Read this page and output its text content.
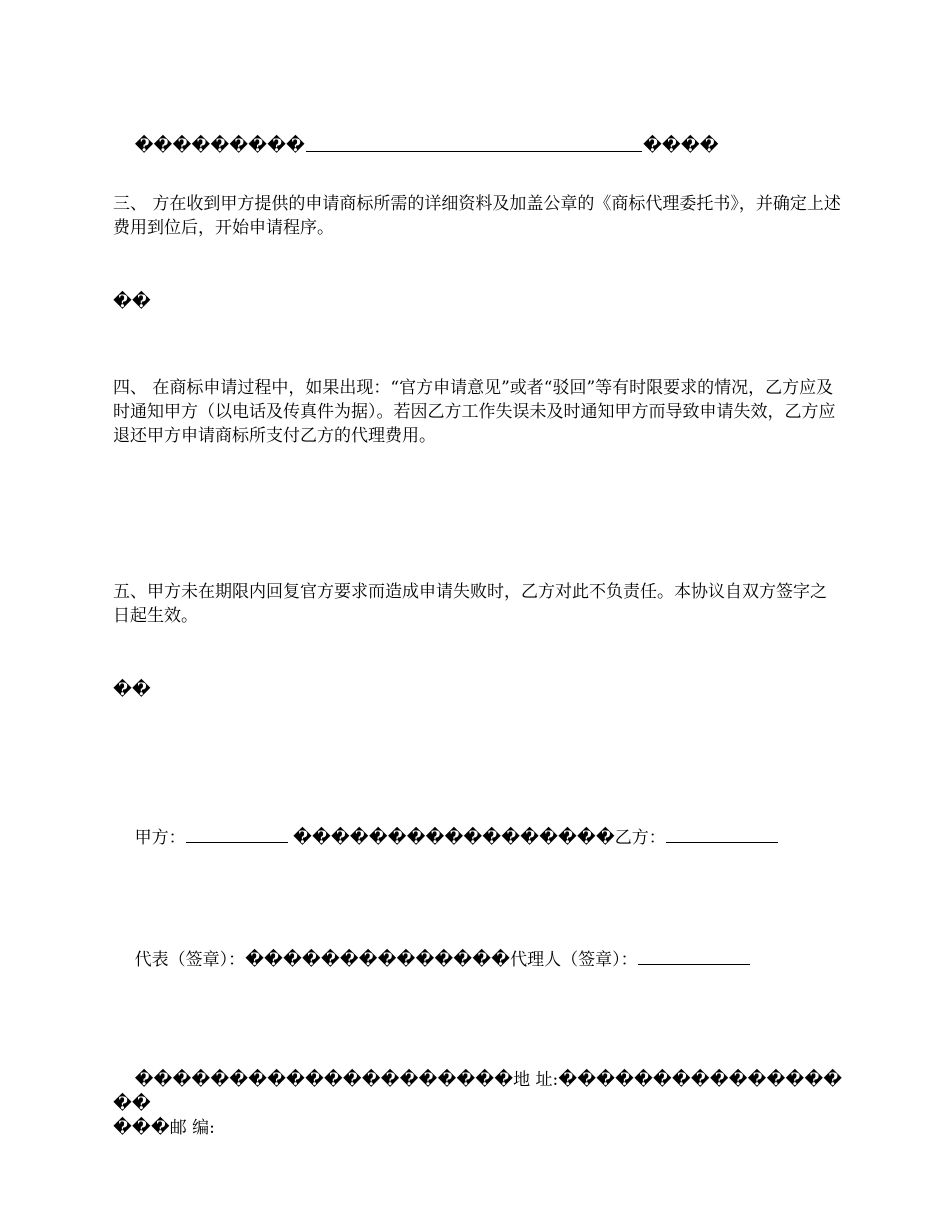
���������	����

三、 方在收到甲方提供的申请商标所需的详细资料及加盖公章的《商标代理委托书》，并确定上述费用到位后，开始申请程序。
��
四、 在商标申请过程中，如果出现：“官方申请意见”或者“驳回”等有时限要求的情况，乙方应及时通知甲方（以电话及传真件为据）。若因乙方工作失误未及时通知甲方而导致申请失效，乙方应退还甲方申请商标所支付乙方的代理费用。
五、甲方未在期限内回复官方要求而造成申请失败时，乙方对此不负责任。本协议自双方签字之日起生效。
��

甲方：	�����������������乙方：

代表（签章）：��������������代理人（签章）：

��������������������地 址:�����������������
���邮 编:
